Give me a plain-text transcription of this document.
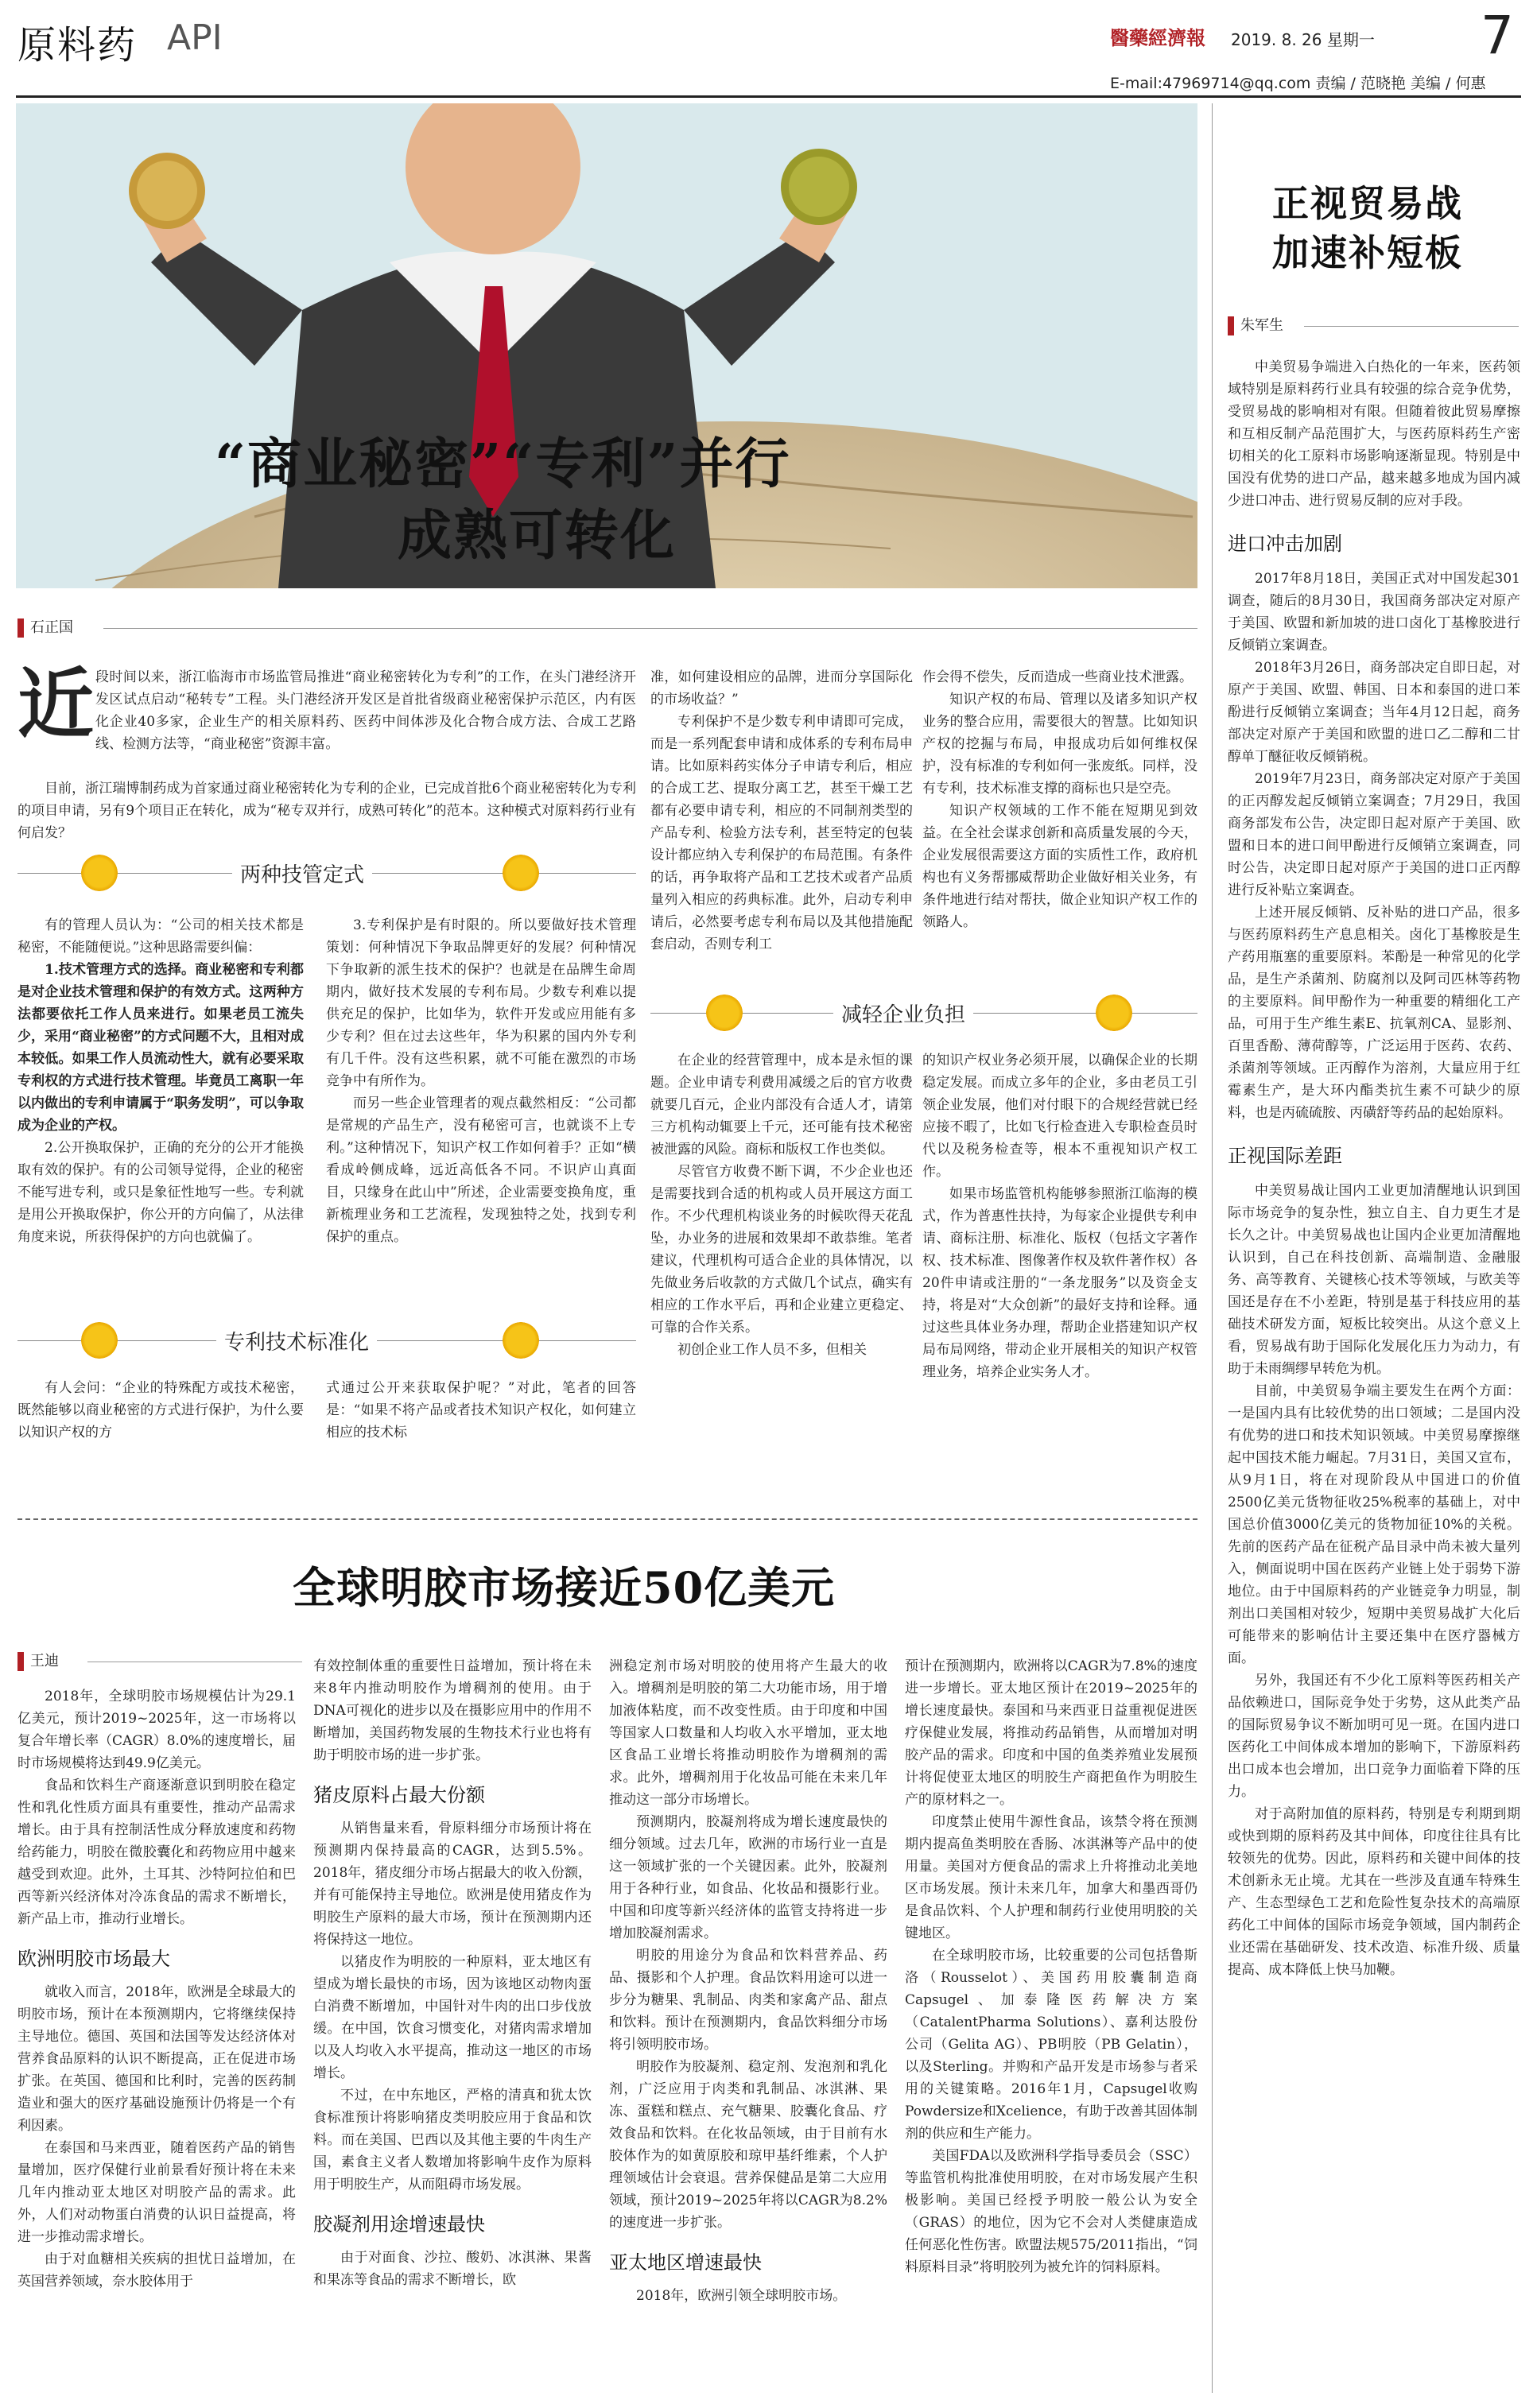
原料药 API	醫藥經濟報 2019. 8. 26 星期一 7
E-mail:47969714@qq.com 责编 / 范晓艳 美编 / 何惠
“商业秘密”“专利”并行
成熟可转化
石正国
近 段时间以来，浙江临海市市场监管局推进“商业秘密转化为专利”的工作，在头门港经济开发区试点启动“秘转专”工程。头门港经济开发区是首批省级商业秘密保护示范区，内有医化企业40多家，企业生产的相关原料药、医药中间体涉及化合物合成方法、合成工艺路线、检测方法等，“商业秘密”资源丰富。

目前，浙江瑞博制药成为首家通过商业秘密转化为专利的企业，已完成首批6个商业秘密转化为专利的项目申请，另有9个项目正在转化，成为“秘专双并行，成熟可转化”的范本。这种模式对原料药行业有何启发？

两种技管定式

有的管理人员认为：“公司的相关技术都是秘密，不能随便说。”这种思路需要纠偏：

1.技术管理方式的选择。商业秘密和专利都是对企业技术管理和保护的有效方式。这两种方法都要依托工作人员来进行。如果老员工流失少，采用“商业秘密”的方式问题不大，且相对成本较低。如果工作人员流动性大，就有必要采取专利权的方式进行技术管理。毕竟员工离职一年以内做出的专利申请属于“职务发明”，可以争取成为企业的产权。

2.公开换取保护，正确的充分的公开才能换取有效的保护。有的公司领导觉得，企业的秘密不能写进专利，或只是象征性地写一些。专利就是用公开换取保护，你公开的方向偏了，从法律角度来说，所获得保护的方向也就偏了。

3.专利保护是有时限的。所以要做好技术管理策划：何种情况下争取品牌更好的发展？何种情况下争取新的派生技术的保护？也就是在品牌生命周期内，做好技术发展的专利布局。少数专利难以提供充足的保护，比如华为，软件开发或应用能有多少专利？但在过去这些年，华为积累的国内外专利有几千件。没有这些积累，就不可能在激烈的市场竞争中有所作为。

而另一些企业管理者的观点截然相反：“公司都是常规的产品生产，没有秘密可言，也就谈不上专利。”这种情况下，知识产权工作如何着手？正如“横看成岭侧成峰，远近高低各不同。不识庐山真面目，只缘身在此山中”所述，企业需要变换角度，重新梳理业务和工艺流程，发现独特之处，找到专利保护的重点。

专利技术标准化

有人会问：“企业的特殊配方或技术秘密，既然能够以商业秘密的方式进行保护，为什么要以知识产权的方

式通过公开来获取保护呢？”对此，笔者的回答是：“如果不将产品或者技术知识产权化，如何建立相应的技术标

准，如何建设相应的品牌，进而分享国际化的市场收益？”

专利保护不是少数专利申请即可完成，而是一系列配套申请和成体系的专利布局申请。比如原料药实体分子申请专利后，相应的合成工艺、提取分离工艺，甚至干燥工艺都有必要申请专利，相应的不同制剂类型的产品专利、检验方法专利，甚至特定的包装设计都应纳入专利保护的布局范围。有条件的话，再争取将产品和工艺技术或者产品质量列入相应的药典标准。此外，启动专利申请后，必然要考虑专利布局以及其他措施配套启动，否则专利工

作会得不偿失，反而造成一些商业技术泄露。

知识产权的布局、管理以及诸多知识产权业务的整合应用，需要很大的智慧。比如知识产权的挖掘与布局，申报成功后如何维权保护，没有标准的专利如何一张废纸。同样，没有专利，技术标准支撑的商标也只是空壳。

知识产权领域的工作不能在短期见到效益。在全社会谋求创新和高质量发展的今天，企业发展很需要这方面的实质性工作，政府机构也有义务帮挪威帮助企业做好相关业务，有条件地进行结对帮扶，做企业知识产权工作的领路人。

减轻企业负担

在企业的经营管理中，成本是永恒的课题。企业申请专利费用减缓之后的官方收费就要几百元，企业内部没有合适人才，请第三方机构动辄要上千元，还可能有技术秘密被泄露的风险。商标和版权工作也类似。

尽管官方收费不断下调，不少企业也还是需要找到合适的机构或人员开展这方面工作。不少代理机构谈业务的时候吹得天花乱坠，办业务的进展和效果却不敢恭维。笔者建议，代理机构可适合企业的具体情况，以先做业务后收款的方式做几个试点，确实有相应的工作水平后，再和企业建立更稳定、可靠的合作关系。

初创企业工作人员不多，但相关

的知识产权业务必须开展，以确保企业的长期稳定发展。而成立多年的企业，多由老员工引领企业发展，他们对付眼下的合规经营就已经应接不暇了，比如飞行检查进入专职检查员时代以及税务检查等，根本不重视知识产权工作。

如果市场监管机构能够参照浙江临海的模式，作为普惠性扶持，为每家企业提供专利申请、商标注册、标准化、版权（包括文字著作权、技术标准、图像著作权及软件著作权）各20件申请或注册的“一条龙服务”以及资金支持，将是对“大众创新”的最好支持和诠释。通过这些具体业务办理，帮助企业搭建知识产权局布局网络，带动企业开展相关的知识产权管理业务，培养企业实务人才。

正视贸易战
加速补短板
朱军生

中美贸易争端进入白热化的一年来，医药领域特别是原料药行业具有较强的综合竞争优势，受贸易战的影响相对有限。但随着彼此贸易摩擦和互相反制产品范围扩大，与医药原料药生产密切相关的化工原料市场影响逐渐显现。特别是中国没有优势的进口产品，越来越多地成为国内减少进口冲击、进行贸易反制的应对手段。

进口冲击加剧

2017年8月18日，美国正式对中国发起301调查，随后的8月30日，我国商务部决定对原产于美国、欧盟和新加坡的进口卤化丁基橡胶进行反倾销立案调查。

2018年3月26日，商务部决定自即日起，对原产于美国、欧盟、韩国、日本和泰国的进口苯酚进行反倾销立案调查；当年4月12日起，商务部决定对原产于美国和欧盟的进口乙二醇和二甘醇单丁醚征收反倾销税。

2019年7月23日，商务部决定对原产于美国的正丙醇发起反倾销立案调查；7月29日，我国商务部发布公告，决定即日起对原产于美国、欧盟和日本的进口间甲酚进行反倾销立案调查，同时公告，决定即日起对原产于美国的进口正丙醇进行反补贴立案调查。

上述开展反倾销、反补贴的进口产品，很多与医药原料药生产息息相关。卤化丁基橡胶是生产药用瓶塞的重要原料。苯酚是一种常见的化学品，是生产杀菌剂、防腐剂以及阿司匹林等药物的主要原料。间甲酚作为一种重要的精细化工产品，可用于生产维生素E、抗氧剂CA、显影剂、百里香酚、薄荷醇等，广泛运用于医药、农药、杀菌剂等领域。正丙醇作为溶剂，大量应用于红霉素生产，是大环内酯类抗生素不可缺少的原料，也是丙硫硫胺、丙磺舒等药品的起始原料。

正视国际差距

中美贸易战让国内工业更加清醒地认识到国际市场竞争的复杂性，独立自主、自力更生才是长久之计。中美贸易战也让国内企业更加清醒地认识到，自己在科技创新、高端制造、金融服务、高等教育、关键核心技术等领域，与欧美等国还是存在不小差距，特别是基于科技应用的基础技术研发方面，短板比较突出。从这个意义上看，贸易战有助于国际化发展化压力为动力，有助于未雨绸缪早转危为机。

目前，中美贸易争端主要发生在两个方面：一是国内具有比较优势的出口领域；二是国内没有优势的进口和技术知识领域。中美贸易摩擦继起中国技术能力崛起。7月31日，美国又宣布，从9月1日，将在对现阶段从中国进口的价值2500亿美元货物征收25%税率的基础上，对中国总价值3000亿美元的货物加征10%的关税。先前的医药产品在征税产品目录中尚未被大量列入，侧面说明中国在医药产业链上处于弱势下游地位。由于中国原料药的产业链竞争力明显，制剂出口美国相对较少，短期中美贸易战扩大化后可能带来的影响估计主要还集中在医疗器械方面。

另外，我国还有不少化工原料等医药相关产品依赖进口，国际竞争处于劣势，这从此类产品的国际贸易争议不断加明可见一斑。在国内进口医药化工中间体成本增加的影响下，下游原料药出口成本也会增加，出口竞争力面临着下降的压力。

对于高附加值的原料药，特别是专利期到期或快到期的原料药及其中间体，印度往往具有比较领先的优势。因此，原料药和关键中间体的技术创新永无止境。尤其在一些涉及直通车特殊生产、生态型绿色工艺和危险性复杂技术的高端原药化工中间体的国际市场竞争领域，国内制药企业还需在基础研发、技术改造、标准升级、质量提高、成本降低上快马加鞭。

全球明胶市场接近50亿美元
王迪

2018年，全球明胶市场规模估计为29.1亿美元，预计2019~2025年，这一市场将以复合年增长率（CAGR）8.0%的速度增长，届时市场规模将达到49.9亿美元。

食品和饮料生产商逐渐意识到明胶在稳定性和乳化性质方面具有重要性，推动产品需求增长。由于具有控制活性成分释放速度和药物给药能力，明胶在微胶囊化和药物应用中越来越受到欢迎。此外，土耳其、沙特阿拉伯和巴西等新兴经济体对冷冻食品的需求不断增长，新产品上市，推动行业增长。

欧洲明胶市场最大

就收入而言，2018年，欧洲是全球最大的明胶市场，预计在本预测期内，它将继续保持主导地位。德国、英国和法国等发达经济体对营养食品原料的认识不断提高，正在促进市场扩张。在英国、德国和比利时，完善的医药制造业和强大的医疗基础设施预计仍将是一个有利因素。

在泰国和马来西亚，随着医药产品的销售量增加，医疗保健行业前景看好预计将在未来几年内推动亚太地区对明胶产品的需求。此外，人们对动物蛋白消费的认识日益提高，将进一步推动需求增长。

由于对血糖相关疾病的担忧日益增加，在英国营养领域，奈水胶体用于

有效控制体重的重要性日益增加，预计将在未来8年内推动明胶作为增稠剂的使用。由于DNA可视化的进步以及在摄影应用中的作用不断增加，美国药物发展的生物技术行业也将有助于明胶市场的进一步扩张。

猪皮原料占最大份额

从销售量来看，骨原料细分市场预计将在预测期内保持最高的CAGR，达到5.5%。2018年，猪皮细分市场占据最大的收入份额，并有可能保持主导地位。欧洲是使用猪皮作为明胶生产原料的最大市场，预计在预测期内还将保持这一地位。

以猪皮作为明胶的一种原料，亚太地区有望成为增长最快的市场，因为该地区动物肉蛋白消费不断增加，中国针对牛肉的出口步伐放缓。在中国，饮食习惯变化，对猪肉需求增加以及人均收入水平提高，推动这一地区的市场增长。

不过，在中东地区，严格的清真和犹太饮食标准预计将影响猪皮类明胶应用于食品和饮料。而在美国、巴西以及其他主要的牛肉生产国，素食主义者人数增加将影响牛皮作为原料用于明胶生产，从而阻碍市场发展。

胶凝剂用途增速最快

由于对面食、沙拉、酸奶、冰淇淋、果酱和果冻等食品的需求不断增长，欧

洲稳定剂市场对明胶的使用将产生最大的收入。增稠剂是明胶的第二大功能市场，用于增加液体粘度，而不改变性质。由于印度和中国等国家人口数量和人均收入水平增加，亚太地区食品工业增长将推动明胶作为增稠剂的需求。此外，增稠剂用于化妆品可能在未来几年推动这一部分市场增长。

预测期内，胶凝剂将成为增长速度最快的细分领域。过去几年，欧洲的市场行业一直是这一领域扩张的一个关键因素。此外，胶凝剂用于各种行业，如食品、化妆品和摄影行业。中国和印度等新兴经济体的监管支持将进一步增加胶凝剂需求。

明胶的用途分为食品和饮料营养品、药品、摄影和个人护理。食品饮料用途可以进一步分为糖果、乳制品、肉类和家禽产品、甜点和饮料。预计在预测期内，食品饮料细分市场将引领明胶市场。

明胶作为胶凝剂、稳定剂、发泡剂和乳化剂，广泛应用于肉类和乳制品、冰淇淋、果冻、蛋糕和糕点、充气糖果、胶囊化食品、疗效食品和饮料。在化妆品领域，由于目前有水胶体作为的如黄原胶和琼甲基纤维素，个人护理领域估计会衰退。营养保健品是第二大应用领域，预计2019~2025年将以CAGR为8.2%的速度进一步扩张。

亚太地区增速最快

2018年，欧洲引领全球明胶市场。

预计在预测期内，欧洲将以CAGR为7.8%的速度进一步增长。亚太地区预计在2019~2025年的增长速度最快。泰国和马来西亚日益重视促进医疗保健业发展，将推动药品销售，从而增加对明胶产品的需求。印度和中国的鱼类养殖业发展预计将促使亚太地区的明胶生产商把鱼作为明胶生产的原材料之一。

印度禁止使用牛源性食品，该禁令将在预测期内提高鱼类明胶在香肠、冰淇淋等产品中的使用量。美国对方便食品的需求上升将推动北美地区市场发展。预计未来几年，加拿大和墨西哥仍是食品饮料、个人护理和制药行业使用明胶的关键地区。

在全球明胶市场，比较重要的公司包括鲁斯洛（Rousselot）、美国药用胶囊制造商Capsugel、加泰隆医药解决方案（CatalentPharma Solutions）、嘉利达股份公司（Gelita AG）、PB明胶（PB Gelatin），以及Sterling。并购和产品开发是市场参与者采用的关键策略。2016年1月，Capsugel收购Powdersize和Xcelience，有助于改善其固体制剂的供应和生产能力。

美国FDA以及欧洲科学指导委员会（SSC）等监管机构批准使用明胶，在对市场发展产生积极影响。美国已经授予明胶一般公认为安全（GRAS）的地位，因为它不会对人类健康造成任何恶化性伤害。欧盟法规575/2011指出，“饲料原料目录”将明胶列为被允许的饲料原料。
